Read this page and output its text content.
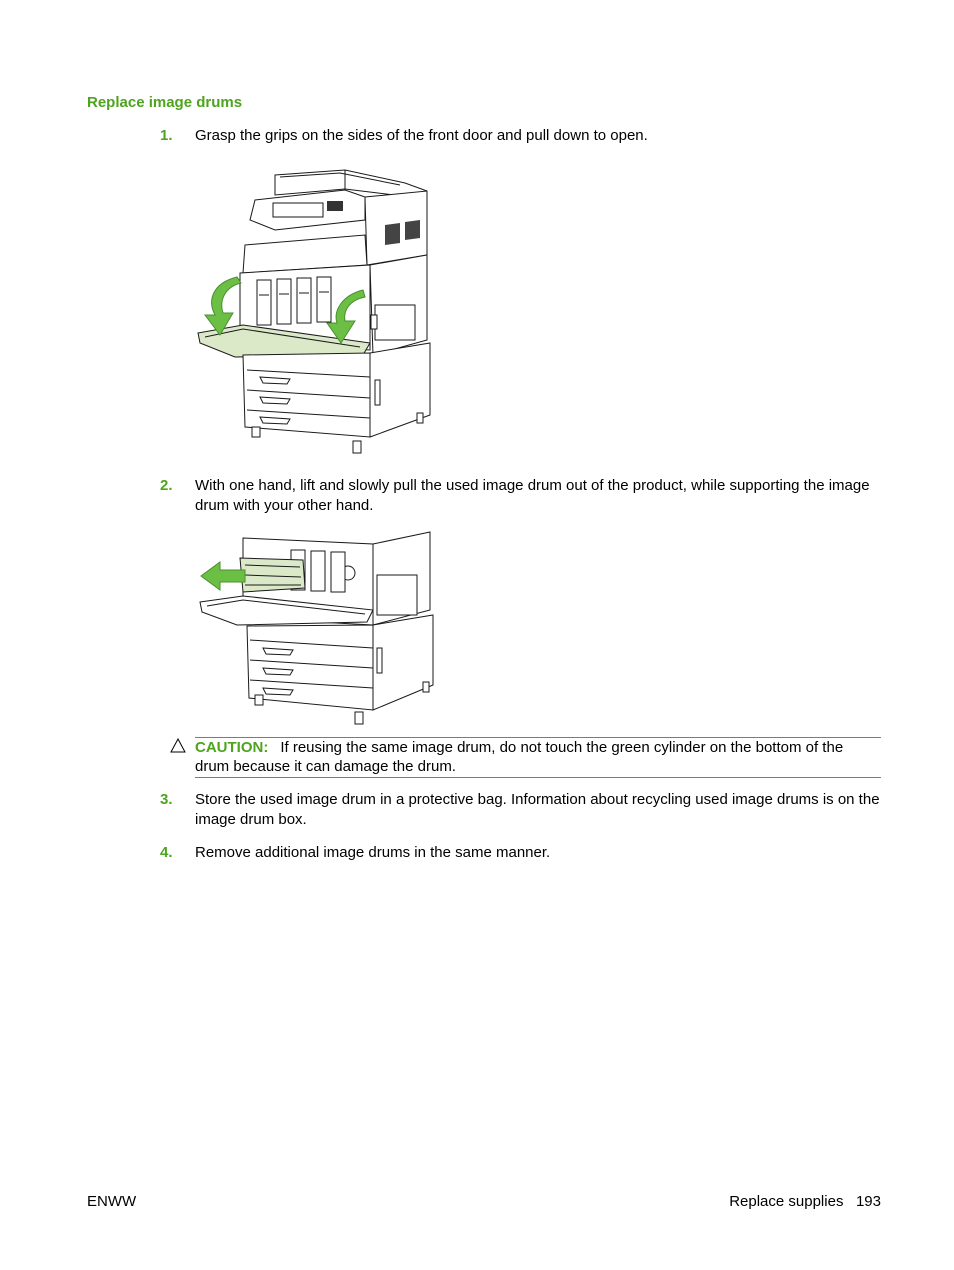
Replace image drums
1. Grasp the grips on the sides of the front door and pull down to open.
2. With one hand, lift and slowly pull the used image drum out of the product, while supporting the image drum with your other hand.
CAUTION: If reusing the same image drum, do not touch the green cylinder on the bottom of the drum because it can damage the drum.
3. Store the used image drum in a protective bag. Information about recycling used image drums is on the image drum box.
4. Remove additional image drums in the same manner.
ENWW	Replace supplies 193
